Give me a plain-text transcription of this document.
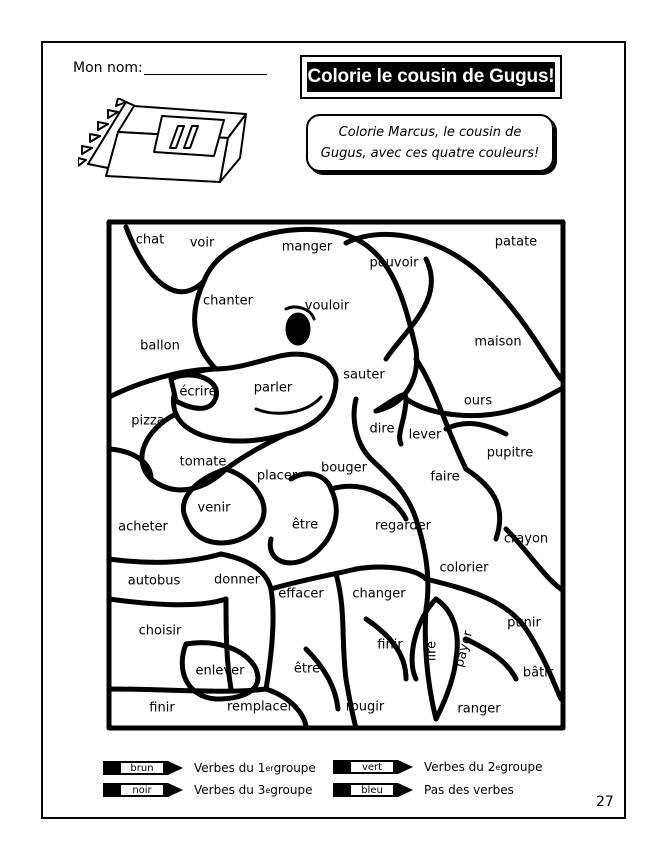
Mon nom:	Colorie le cousin de Gugus!
Colorie Marcus, le cousin de Gugus, avec ces quatre couleurs!
chat voir	manger	patate
pouvoir
chanter	vouloir
ballon	maison
sauter
écrire	parler
ours
pizza
dire lever
tomate
pupitre
bouger
placer	faire
venir
acheter	être	regarder
crayon
colorier
autobus	donner
effacer changer
choisir
punir
finir lire payer
enlever	être	bâtir
finir	remplacer	rougir	ranger
brun	Verbes du 1 er groupe	vert	Verbes du 2 e groupe
noir	Verbes du 3 e groupe	bleu	Pas des verbes
27
